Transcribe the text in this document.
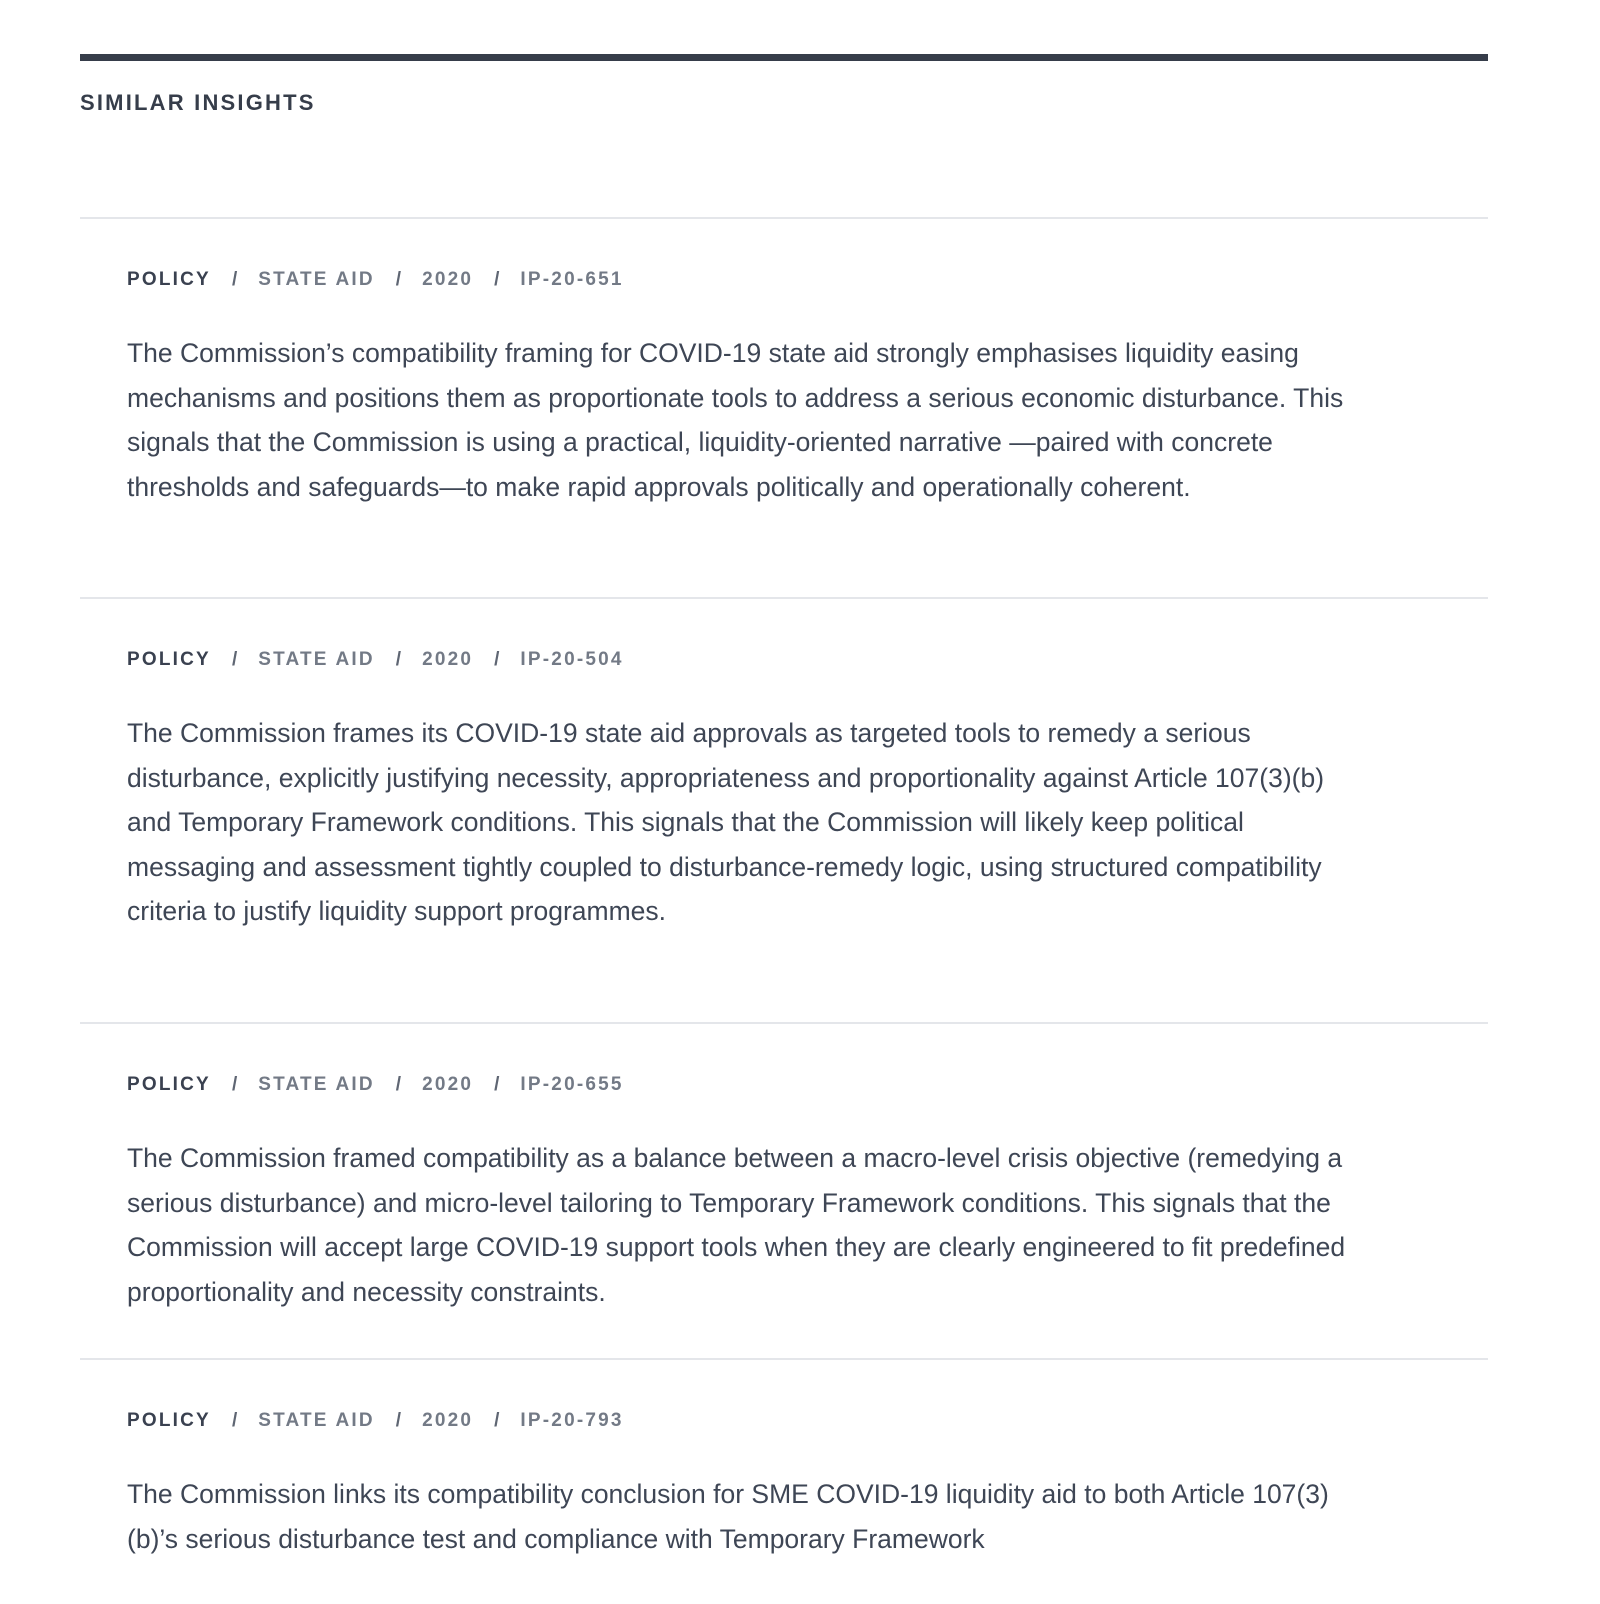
SIMILAR INSIGHTS
POLICY / STATE AID / 2020 / IP-20-651

The Commission’s compatibility framing for COVID-19 state aid strongly emphasises liquidity easing mechanisms and positions them as proportionate tools to address a serious economic disturbance. This signals that the Commission is using a practical, liquidity-oriented narrative —paired with concrete thresholds and safeguards—to make rapid approvals politically and operationally coherent.

POLICY / STATE AID / 2020 / IP-20-504

The Commission frames its COVID-19 state aid approvals as targeted tools to remedy a serious disturbance, explicitly justifying necessity, appropriateness and proportionality against Article 107(3)(b) and Temporary Framework conditions. This signals that the Commission will likely keep political messaging and assessment tightly coupled to disturbance-remedy logic, using structured compatibility criteria to justify liquidity support programmes.

POLICY / STATE AID / 2020 / IP-20-655

The Commission framed compatibility as a balance between a macro-level crisis objective (remedying a serious disturbance) and micro-level tailoring to Temporary Framework conditions. This signals that the Commission will accept large COVID-19 support tools when they are clearly engineered to fit predefined proportionality and necessity constraints.

POLICY / STATE AID / 2020 / IP-20-793

The Commission links its compatibility conclusion for SME COVID-19 liquidity aid to both Article 107(3)(b)’s serious disturbance test and compliance with Temporary Framework
